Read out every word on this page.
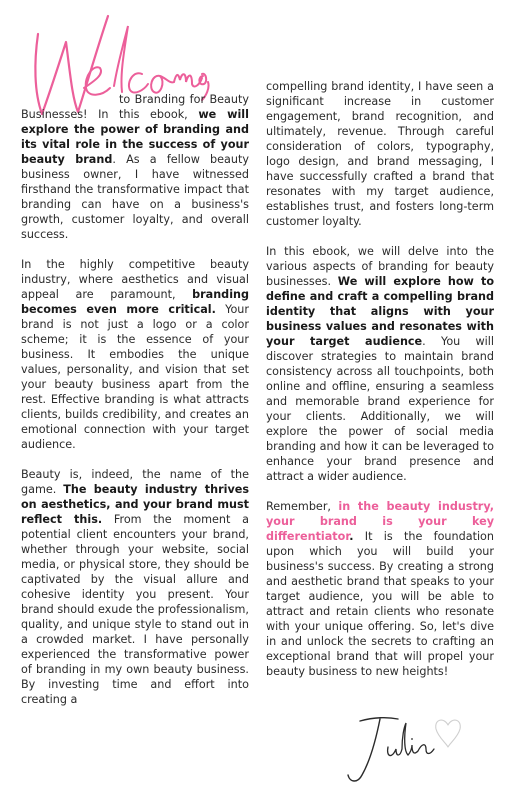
to Branding for Beauty Businesses! In this ebook, we will explore the power of branding and its vital role in the success of your beauty brand. As a fellow beauty business owner, I have witnessed firsthand the transformative impact that branding can have on a business's growth, customer loyalty, and overall success.

In the highly competitive beauty industry, where aesthetics and visual appeal are paramount, branding becomes even more critical. Your brand is not just a logo or a color scheme; it is the essence of your business. It embodies the unique values, personality, and vision that set your beauty business apart from the rest. Effective branding is what attracts clients, builds credibility, and creates an emotional connection with your target audience.

Beauty is, indeed, the name of the game. The beauty industry thrives on aesthetics, and your brand must reflect this. From the moment a potential client encounters your brand, whether through your website, social media, or physical store, they should be captivated by the visual allure and cohesive identity you present. Your brand should exude the professionalism, quality, and unique style to stand out in a crowded market. I have personally experienced the transformative power of branding in my own beauty business. By investing time and effort into creating a

compelling brand identity, I have seen a significant increase in customer engagement, brand recognition, and ultimately, revenue. Through careful consideration of colors, typography, logo design, and brand messaging, I have successfully crafted a brand that resonates with my target audience, establishes trust, and fosters long-term customer loyalty.

In this ebook, we will delve into the various aspects of branding for beauty businesses. We will explore how to define and craft a compelling brand identity that aligns with your business values and resonates with your target audience. You will discover strategies to maintain brand consistency across all touchpoints, both online and offline, ensuring a seamless and memorable brand experience for your clients. Additionally, we will explore the power of social media branding and how it can be leveraged to enhance your brand presence and attract a wider audience.

Remember, in the beauty industry, your brand is your key differentiator. It is the foundation upon which you will build your business's success. By creating a strong and aesthetic brand that speaks to your target audience, you will be able to attract and retain clients who resonate with your unique offering. So, let's dive in and unlock the secrets to crafting an exceptional brand that will propel your beauty business to new heights!
